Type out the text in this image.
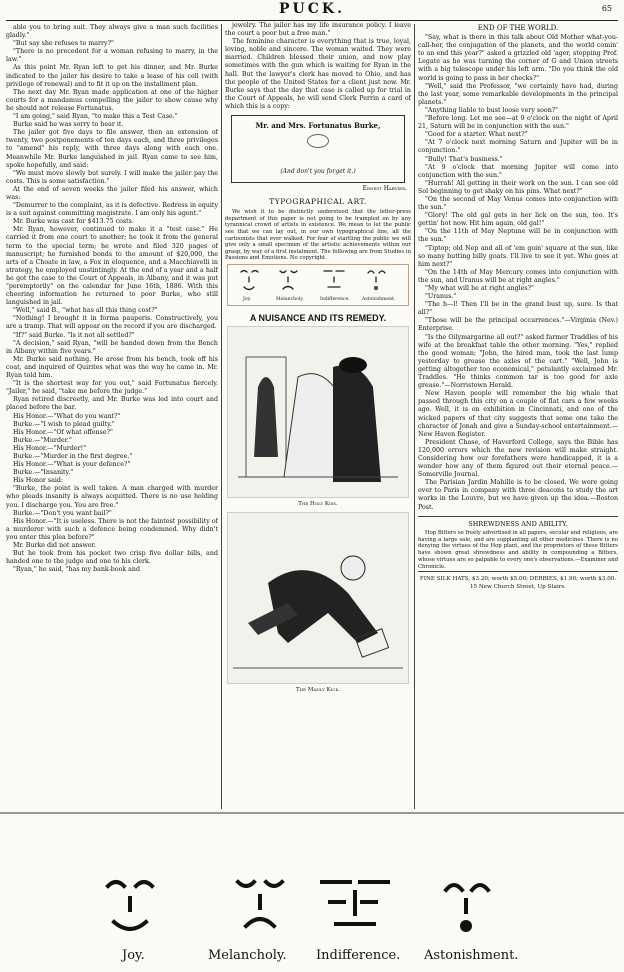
PUCK.	65

able you to bring suit. They always give a man such facilities gladly."

"But say she refuses to marry?"

"There is no precedent for a woman refusing to marry, in the law."

As this point Mr. Ryan left to get his dinner, and Mr. Burke indicated to the jailer his desire to take a lease of his cell (with privilege of renewal) and to fit it up on the installment plan.

The next day Mr. Ryan made application at one of the higher courts for a mandamus compelling the jailer to show cause why he should not release Fortunatus.

"I am going," said Ryan, "to make this a Test Case."

Burke said he was sorry to hear it.

The jailer got five days to file answer, then an extension of twenty, two postponements of ten days each, and three privileges to "amend" his reply, with three days along with each one. Meanwhile Mr. Burke languished in jail. Ryan came to see him, spoke hopefully, and said:

"We must move slowly but surely. I will make the jailer pay the costs. This is some satisfaction."

At the end of seven weeks the jailer filed his answer, which was:

"Demurrer to the complaint, as it is defective. Redress in equity is a suit against committing magistrate. I am only his agent."

Mr. Burke was cast for $413.75 costs.

Mr. Ryan, however, continued to make it a "test case." He carried it from one court to another; he took it from the general term to the special term; he wrote and filed 320 pages of manuscript; he furnished bonds to the amount of $20,000, the arts of a Choate in law, a Fox in eloquence, and a Macchiavelli in strategy, he employed unstintingly. At the end of a year and a half he got the case to the Court of Appeals, in Albany, and it was put "peremptorily" on the calendar for June 16th, 1886. With this cheering information he returned to poor Burke, who still languished in jail.

"Well," said B., "what has all this thing cost?"

"Nothing! I brought it in forma pauperis. Constructively, you are a tramp. That will appear on the record if you are discharged.

"If?" said Burke. "Is it not all settled?"

"A decision," said Ryan, "will be handed down from the Bench in Albany within five years."

Mr. Burke said nothing. He arose from his bench, took off his coat, and inquired of Quirites what was the way he came in. Mr. Ryan told him.

"It is the shortest way for you out," said Fortunatus fiercely. "Jailer," he said, "take me before the judge."

Ryan retired discreetly, and Mr. Burke was led into court and placed before the bar.

His Honor.—"What do you want?"

Burke.—"I wish to plead guilty."

His Honor.—"Of what offense?"

Burke.—"Murder."

His Honor.—"Murder!"

Burke.—"Murder in the first degree."

His Honor.—"What is your defence?"

Burke.—"Insanity."

His Honor said:

"Burke, the point is well taken. A man charged with murder who pleads insanity is always acquitted. There is no use holding you. I discharge you. You are free."

Burke.—"Don't you want bail?"

His Honor.—"It is useless. There is not the faintest possibility of a murderer with such a defence being condemned. Why didn't you enter this plea before?"

Mr. Burke did not answer.

But he took from his pocket two crisp five dollar bills, and handed one to the judge and one to his clerk.

"Ryan," he said, "has my bank-book and

jewelry. The jailer has my life insurance policy. I leave the court a poor but a free man."

The feminine character is everything that is true, loyal, loving, noble and sincere. The woman waited. They were married. Children blessed their union, and now play sometimes with the gun which is waiting for Ryan in the hall. But the lawyer's clerk has moved to Ohio, and has the people of the United States for a client just now. Mr. Burke says that the day that case is called up for trial in the Court of Appeals, he will send Clerk Perrin a card of which this is a copy:

Mr. and Mrs. Fortunatus Burke,
(And don't you forget it.)
Ernest Harvier.
TYPOGRAPHICAL ART.

We wish it to be distinctly understood that the letter-press department of this paper is not going to be trampled on by any tyrannical crowd of artists in existence. We mean to let the public see that we can lay out, in our own typographical line, all the cartoonists that ever walked. For fear of startling the public we will give only a small specimen of the artistic achievements within our grasp, by way of a first instalment. The following are from Studies in Passions and Emotions. No copyright.

Joy.	Melancholy.	Indifference.	Astonishment.
A NUISANCE AND ITS REMEDY.
The Holy Kiss.
The Manly Kick.
END OF THE WORLD.

"Say, what is there in this talk about Old Mother what-you-call-her, the conjugation of the planets, and the world comin' to an end this year?" asked a grizzled old 'ager, stopping Prof. Legate as he was turning the corner of G and Union streets with a big telescope under his left arm. "Do you think the old world is going to pass in her checks?"

"Well," said the Professor, "we certainly have had, during the last year, some remarkable developments in the principal planets."

"Anything liable to bust loose very soon?"

"Before long. Let me see—at 9 o'clock on the night of April 21, Saturn will be in conjunction with the sun."

"Good for a starter. What next?"

"At 7 o'clock next morning Saturn and Jupiter will be in conjunction."

"Bully! That's business."

"At 9 o'clock that morning Jupiter will come into conjunction with the sun."

"Hurrah! All getting in their work on the sun. I can see old Sol beginning to get shaky on his pins. What next?"

"On the second of May Venus comes into conjunction with the sun."

"Glory! The old gal gets in her lick on the sun, too. It's gettin' hot now. Hit him again, old gal!"

"On the 11th of May Neptune will be in conjunction with the sun."

"Tiptop; old Nep and all of 'em goin' square at the sun, like so many butting billy goats. I'll live to see it yet. Who goes at him next?"

"On the 14th of May Mercury comes into conjunction with the sun, and Uranus will be at right angles."

"My what will be at right angles?"

"Uranus."

"The h—l! Then I'll be in the grand bust up, sure. Is that all?"

"Those will be the principal occurrences."—Virginia (Nev.) Enterprise.

"Is the Oilymargarine all out?" asked farmer Traddles of his wife at the breakfast table the other morning. "Yes," replied the good woman; "John, the hired man, took the last lump yesterday to grease the axles of the cart." "Well, John is getting altogether too economical," petulantly exclaimed Mr. Traddles. "He thinks common tar is too good for axle grease."—Norristown Herald.

New Haven people will remember the big whale that passed through this city on a couple of flat cars a few weeks ago. Well, it is on exhibition in Cincinnati, and one of the wicked papers of that city suggests that some one take the character of Jonah and give a Sunday-school entertainment.—New Haven Register.

President Chase, of Haverford College, says the Bible has 120,000 errors which the new revision will make straight. Considering how our forefathers were handicapped, it is a wonder how any of them figured out their eternal peace.—Somerville Journal.

The Parisian Jardin Mabille is to be closed. We were going over to Paris in company with three deacons to study the art works in the Louvre, but we have given up the idea.—Boston Post.

SHREWDNESS AND ABILITY.

Hop Bitters so freely advertised in all papers, secular and religious, are having a large sale, and are supplanting all other medicines. There is no denying the virtues of the Hop plant, and the proprietors of these Bitters have shown great shrewdness and ability in compounding a Bitters, whose virtues are so palpable to every one's observations.—Examiner and Chronicle.

FINE SILK HATS, $3.20; worth $5.00; DERBIES, $1.90; worth $3.00. 15 New Church Street, Up Stairs.
Joy.	Melancholy. Indifference. Astonishment.
